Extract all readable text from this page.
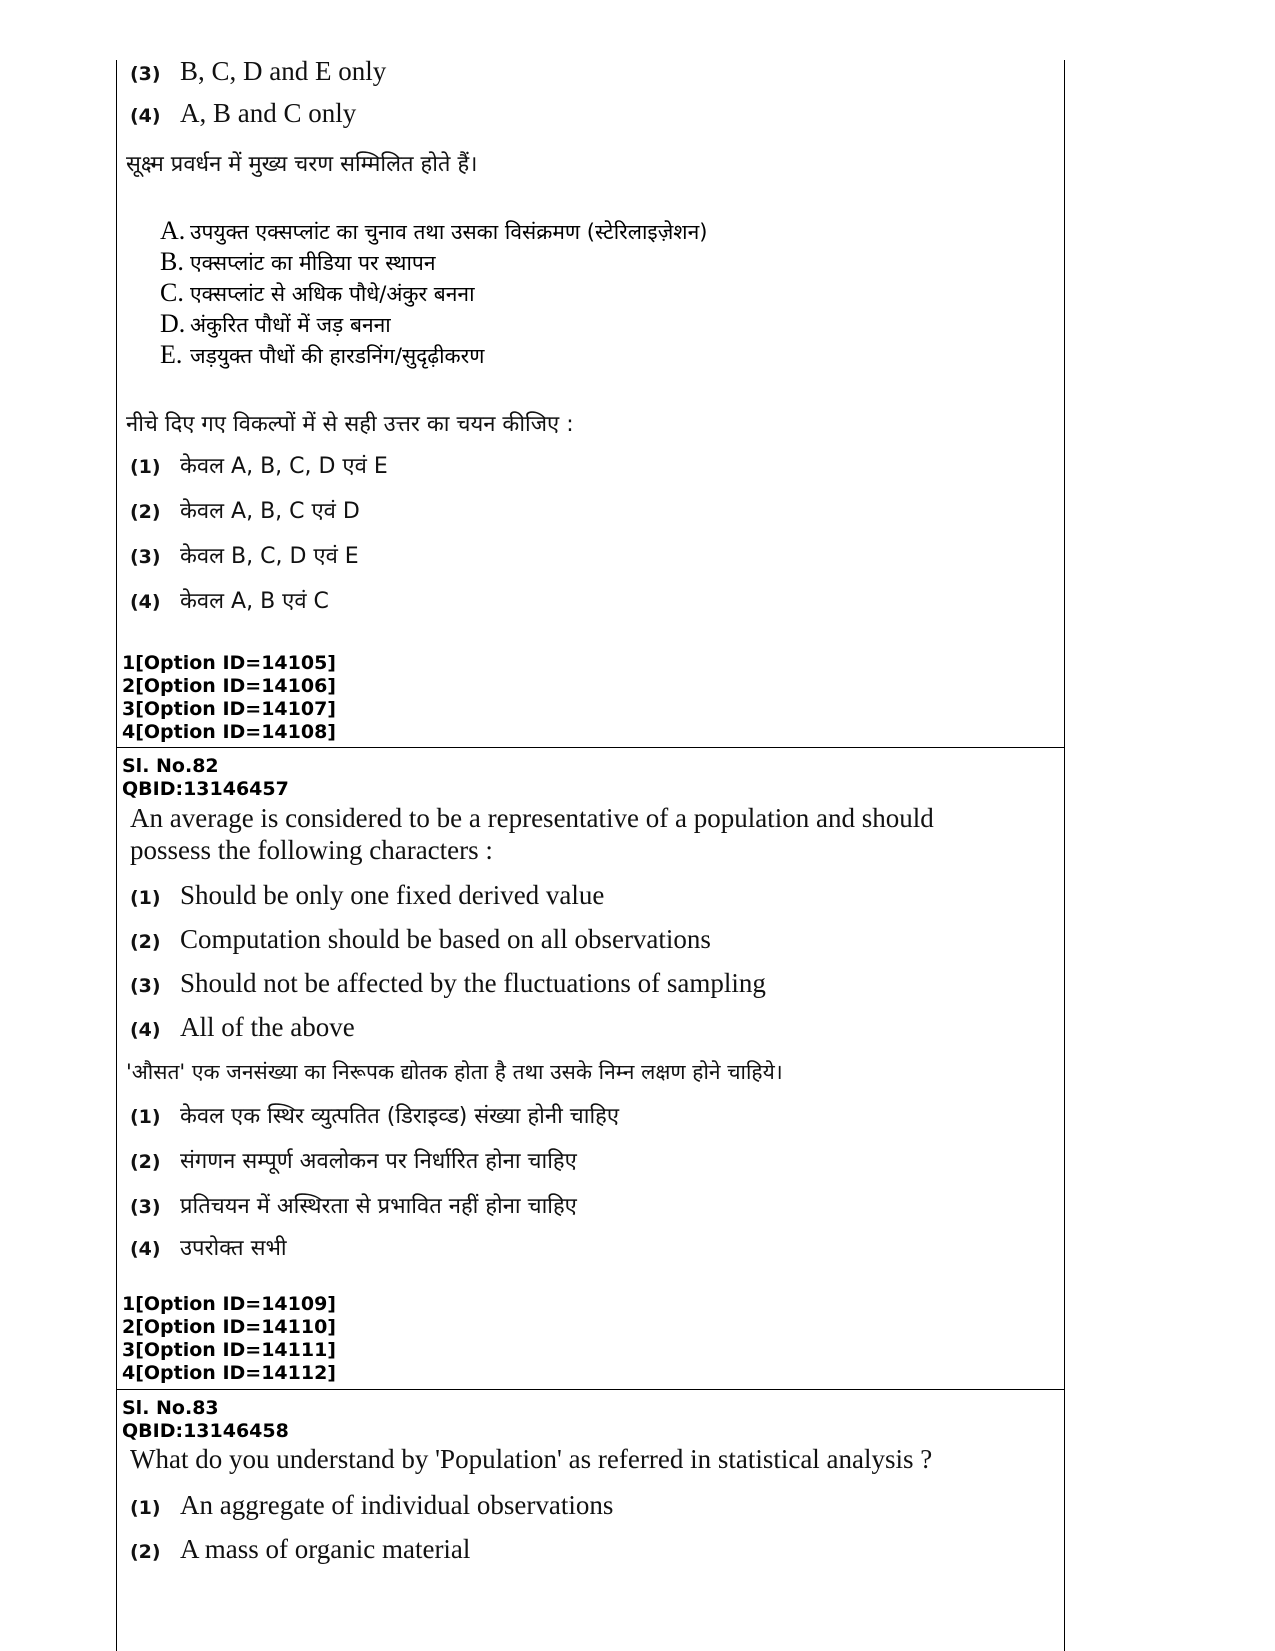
(3) B, C, D and E only
(4) A, B and C only
सूक्ष्म प्रवर्धन में मुख्य चरण सम्मिलित होते हैं।
A. उपयुक्त एक्सप्लांट का चुनाव तथा उसका विसंक्रमण (स्टेरिलाइज़ेशन)
B. एक्सप्लांट का मीडिया पर स्थापन
C. एक्सप्लांट से अधिक पौधे/अंकुर बनना
D. अंकुरित पौधों में जड़ बनना
E. जड़युक्त पौधों की हारडनिंग/सुदृढ़ीकरण
नीचे दिए गए विकल्पों में से सही उत्तर का चयन कीजिए :
(1) केवल A, B, C, D एवं E
(2) केवल A, B, C एवं D
(3) केवल B, C, D एवं E
(4) केवल A, B एवं C
1[Option ID=14105]
2[Option ID=14106]
3[Option ID=14107]
4[Option ID=14108]
Sl. No.82
QBID:13146457
An average is considered to be a representative of a population and should
possess the following characters :
(1) Should be only one fixed derived value
(2) Computation should be based on all observations
(3) Should not be affected by the fluctuations of sampling
(4) All of the above
'औसत' एक जनसंख्या का निरूपक द्योतक होता है तथा उसके निम्न लक्षण होने चाहिये।
(1) केवल एक स्थिर व्युत्पतित (डिराइव्ड) संख्या होनी चाहिए
(2) संगणन सम्पूर्ण अवलोकन पर निर्धारित होना चाहिए
(3) प्रतिचयन में अस्थिरता से प्रभावित नहीं होना चाहिए
(4) उपरोक्त सभी
1[Option ID=14109]
2[Option ID=14110]
3[Option ID=14111]
4[Option ID=14112]
Sl. No.83
QBID:13146458
What do you understand by 'Population' as referred in statistical analysis ?
(1) An aggregate of individual observations
(2) A mass of organic material
